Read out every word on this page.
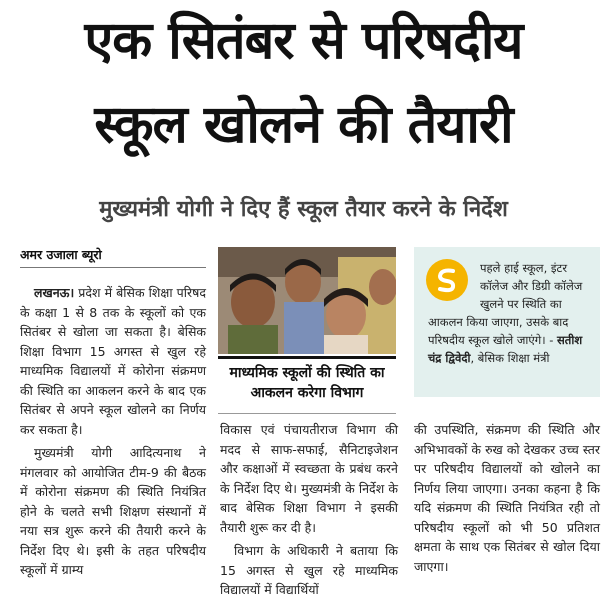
एक सितंबर से परिषदीय
स्कूल खोलने की तैयारी
मुख्यमंत्री योगी ने दिए हैं स्कूल तैयार करने के निर्देश
अमर उजाला ब्यूरो

लखनऊ। प्रदेश में बेसिक शिक्षा परिषद के कक्षा 1 से 8 तक के स्कूलों को एक सितंबर से खोला जा सकता है। बेसिक शिक्षा विभाग 15 अगस्त से खुल रहे माध्यमिक विद्यालयों में कोरोना संक्रमण की स्थिति का आकलन करने के बाद एक सितंबर से अपने स्कूल खोलने का निर्णय कर सकता है।

मुख्यमंत्री योगी आदित्यनाथ ने मंगलवार को आयोजित टीम-9 की बैठक में कोरोना संक्रमण की स्थिति नियंत्रित होने के चलते सभी शिक्षण संस्थानों में नया सत्र शुरू करने की तैयारी करने के निर्देश दिए थे। इसी के तहत परिषदीय स्कूलों में ग्राम्य

माध्यमिक स्कूलों की स्थिति का आकलन करेगा विभाग
पहले हाई स्कूल, इंटर कॉलेज और डिग्री कॉलेज खुलने पर स्थिति का आकलन किया जाएगा, उसके बाद परिषदीय स्कूल खोले जाएंगे। - सतीश चंद्र द्विवेदी, बेसिक शिक्षा मंत्री

विकास एवं पंचायतीराज विभाग की मदद से साफ-सफाई, सैनिटाइजेशन और कक्षाओं में स्वच्छता के प्रबंध करने के निर्देश दिए थे। मुख्यमंत्री के निर्देश के बाद बेसिक शिक्षा विभाग ने इसकी तैयारी शुरू कर दी है।

विभाग के अधिकारी ने बताया कि 15 अगस्त से खुल रहे माध्यमिक विद्यालयों में विद्यार्थियों

की उपस्थिति, संक्रमण की स्थिति और अभिभावकों के रुख को देखकर उच्च स्तर पर परिषदीय विद्यालयों को खोलने का निर्णय लिया जाएगा। उनका कहना है कि यदि संक्रमण की स्थिति नियंत्रित रही तो परिषदीय स्कूलों को भी 50 प्रतिशत क्षमता के साथ एक सितंबर से खोल दिया जाएगा।
